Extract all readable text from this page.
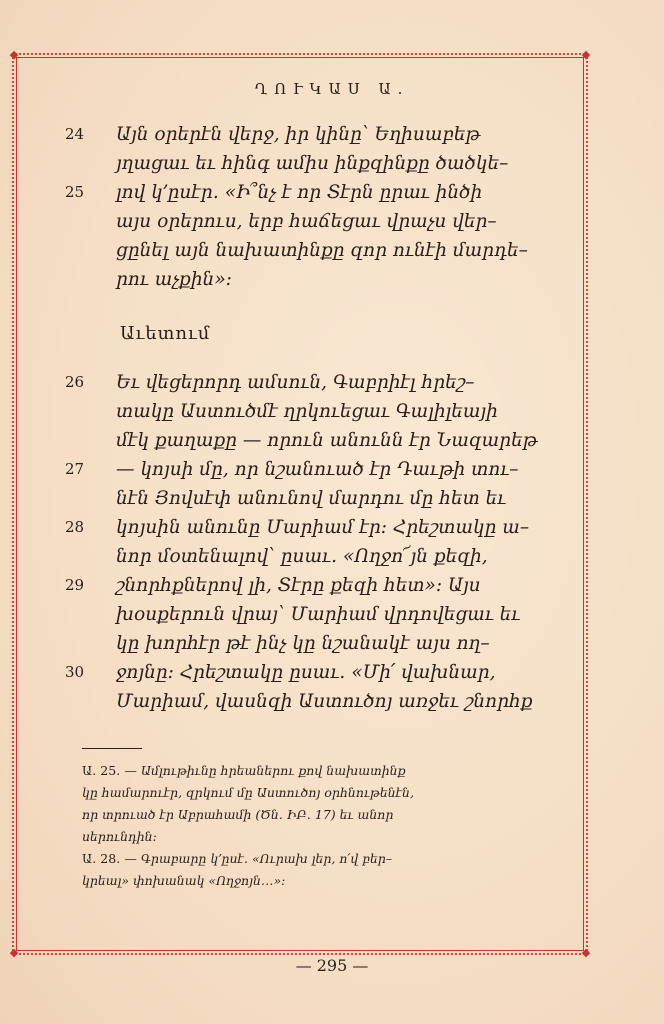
◆	◆
◆	◆
ՂՈՒԿԱՍ Ա.
24 Այն օրերէն վերջ, իր կինը՝ Եղիսաբեթ
յղացաւ եւ հինգ ամիս ինքզինքը ծածկե–
25 լով կ՚ըսէր․ «Ի՞նչ է որ Տէրն ըրաւ ինծի
այս օրերուս, երբ հաճեցաւ վրաչս վեր–
ցընել այն նախատինքը զոր ունէի մարդե–
րու աչքին»:
Աւետում
26 Եւ վեցերորդ ամսուն, Գաբրիէլ հրեշ–
տակը Աստուծմէ ղրկուեցաւ Գալիլեայի
մէկ քաղաքը — որուն անունն էր Նազարեթ
27 — կոյսի մը, որ նշանուած էր Դաւթի տու–
նէն Յովսէփ անունով մարդու մը հետ եւ
28 կոյսին անունը Մարիամ էր: Հրեշտակը ա–
նոր մօտենալով՝ ըսաւ․ «Ողջո՜յն քեզի,
29 շնորհքներով լի, Տէրը քեզի հետ»: Այս
խօսքերուն վրայ՝ Մարիամ վրդովեցաւ եւ
կը խորհէր թէ ինչ կը նշանակէ այս ող–
30 ջոյնը: Հրեշտակը ըսաւ․ «Մի՛ վախնար,
Մարիամ, վասնզի Աստուծոյ առջեւ շնորհք
Ա․ 25․ — Ամլութիւնը հրեաներու քով նախատինք
կը համարուէր, զրկում մը Աստուծոյ օրհնութենէն,
որ տրուած էր Աբրահամի (Ծն․ ԻԲ․ 17) եւ անոր
սերունդին:
Ա․ 28․ — Գրաբարը կ՚ըսէ․ «Ուրախ լեր, ո՛վ բեր–
կրեալ» փոխանակ «Ողջոյն․․․»:
— 295 —
